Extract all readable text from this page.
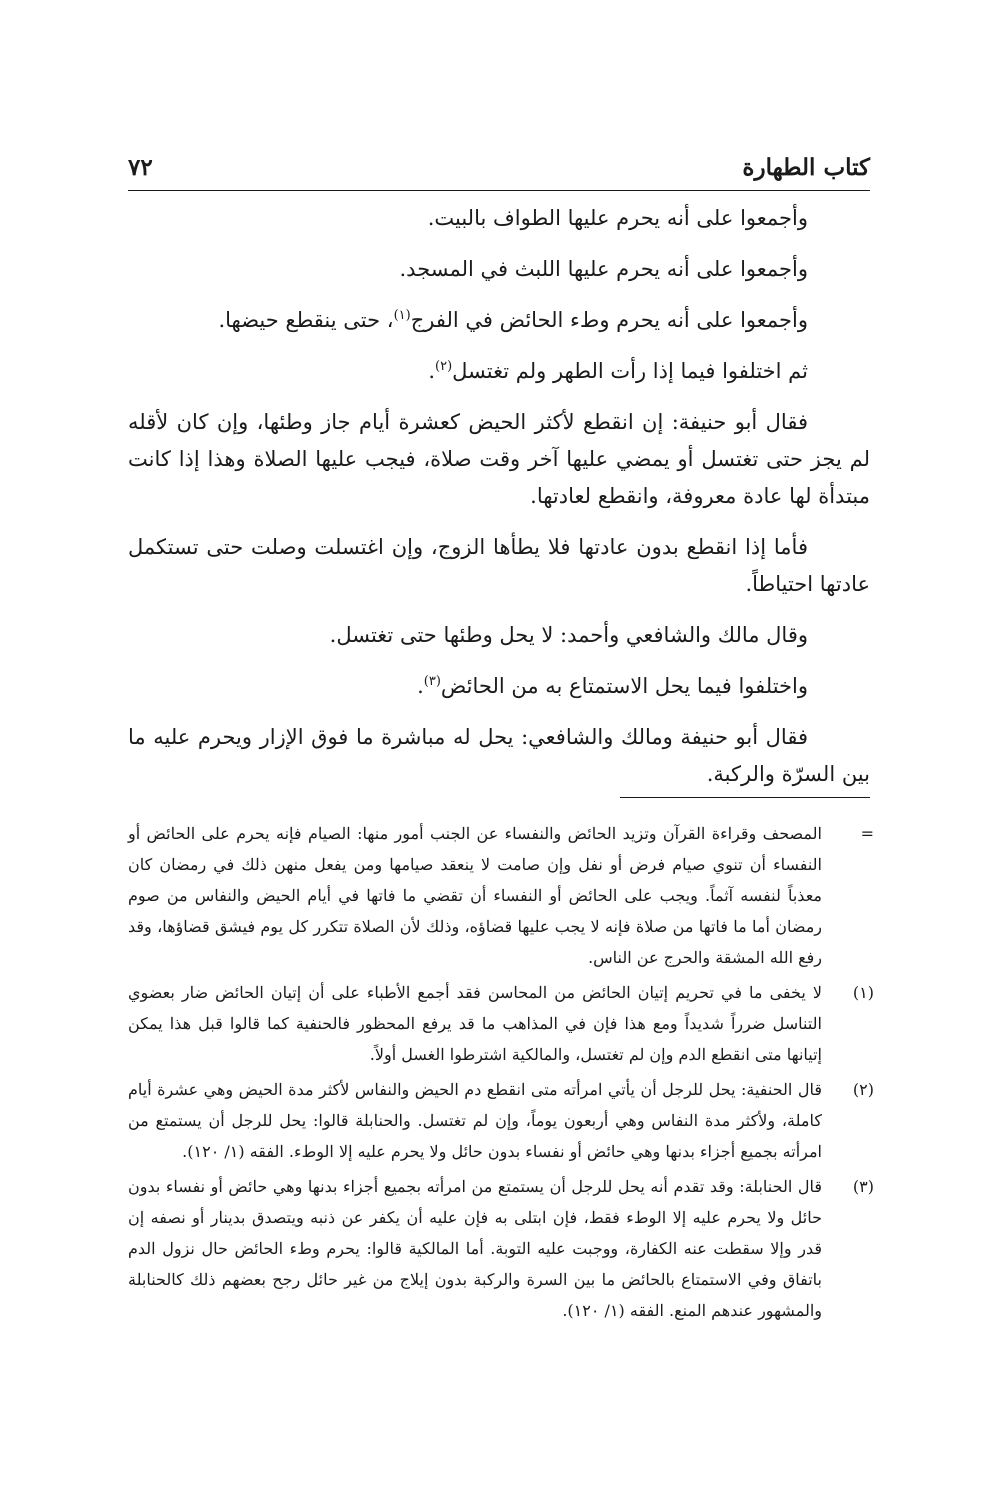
كتاب الطهارة
٧٢

وأجمعوا على أنه يحرم عليها الطواف بالبيت.

وأجمعوا على أنه يحرم عليها اللبث في المسجد.

وأجمعوا على أنه يحرم وطء الحائض في الفرج$^{(١)}$، حتى ينقطع حيضها.

ثم اختلفوا فيما إذا رأت الطهر ولم تغتسل$^{(٢)}$.

فقال أبو حنيفة: إن انقطع لأكثر الحيض كعشرة أيام جاز وطئها، وإن كان لأقله لم يجز حتى تغتسل أو يمضي عليها آخر وقت صلاة، فيجب عليها الصلاة وهذا إذا كانت مبتدأة لها عادة معروفة، وانقطع لعادتها.

فأما إذا انقطع بدون عادتها فلا يطأها الزوج، وإن اغتسلت وصلت حتى تستكمل عادتها احتياطاً.

وقال مالك والشافعي وأحمد: لا يحل وطئها حتى تغتسل.

واختلفوا فيما يحل الاستمتاع به من الحائض$^{(٣)}$.

فقال أبو حنيفة ومالك والشافعي: يحل له مباشرة ما فوق الإزار ويحرم عليه ما بين السرّة والركبة.

=
المصحف وقراءة القرآن وتزيد الحائض والنفساء عن الجنب أمور منها: الصيام فإنه يحرم على الحائض أو النفساء أن تنوي صيام فرض أو نفل وإن صامت لا ينعقد صيامها ومن يفعل منهن ذلك في رمضان كان معذباً لنفسه آثماً. ويجب على الحائض أو النفساء أن تقضي ما فاتها في أيام الحيض والنفاس من صوم رمضان أما ما فاتها من صلاة فإنه لا يجب عليها قضاؤه، وذلك لأن الصلاة تتكرر كل يوم فيشق قضاؤها، وقد رفع الله المشقة والحرج عن الناس.
(١)
لا يخفى ما في تحريم إتيان الحائض من المحاسن فقد أجمع الأطباء على أن إتيان الحائض ضار بعضوي التناسل ضرراً شديداً ومع هذا فإن في المذاهب ما قد يرفع المحظور فالحنفية كما قالوا قبل هذا يمكن إتيانها متى انقطع الدم وإن لم تغتسل، والمالكية اشترطوا الغسل أولاً.
(٢)
قال الحنفية: يحل للرجل أن يأتي امرأته متى انقطع دم الحيض والنفاس لأكثر مدة الحيض وهي عشرة أيام كاملة، ولأكثر مدة النفاس وهي أربعون يوماً، وإن لم تغتسل. والحنابلة قالوا: يحل للرجل أن يستمتع من امرأته بجميع أجزاء بدنها وهي حائض أو نفساء بدون حائل ولا يحرم عليه إلا الوطء. الفقه (١/ ١٢٠).
(٣)
قال الحنابلة: وقد تقدم أنه يحل للرجل أن يستمتع من امرأته بجميع أجزاء بدنها وهي حائض أو نفساء بدون حائل ولا يحرم عليه إلا الوطء فقط، فإن ابتلى به فإن عليه أن يكفر عن ذنبه ويتصدق بدينار أو نصفه إن قدر وإلا سقطت عنه الكفارة، ووجبت عليه التوبة. أما المالكية قالوا: يحرم وطء الحائض حال نزول الدم باتفاق وفي الاستمتاع بالحائض ما بين السرة والركبة بدون إيلاج من غير حائل رجح بعضهم ذلك كالحنابلة والمشهور عندهم المنع. الفقه (١/ ١٢٠).
